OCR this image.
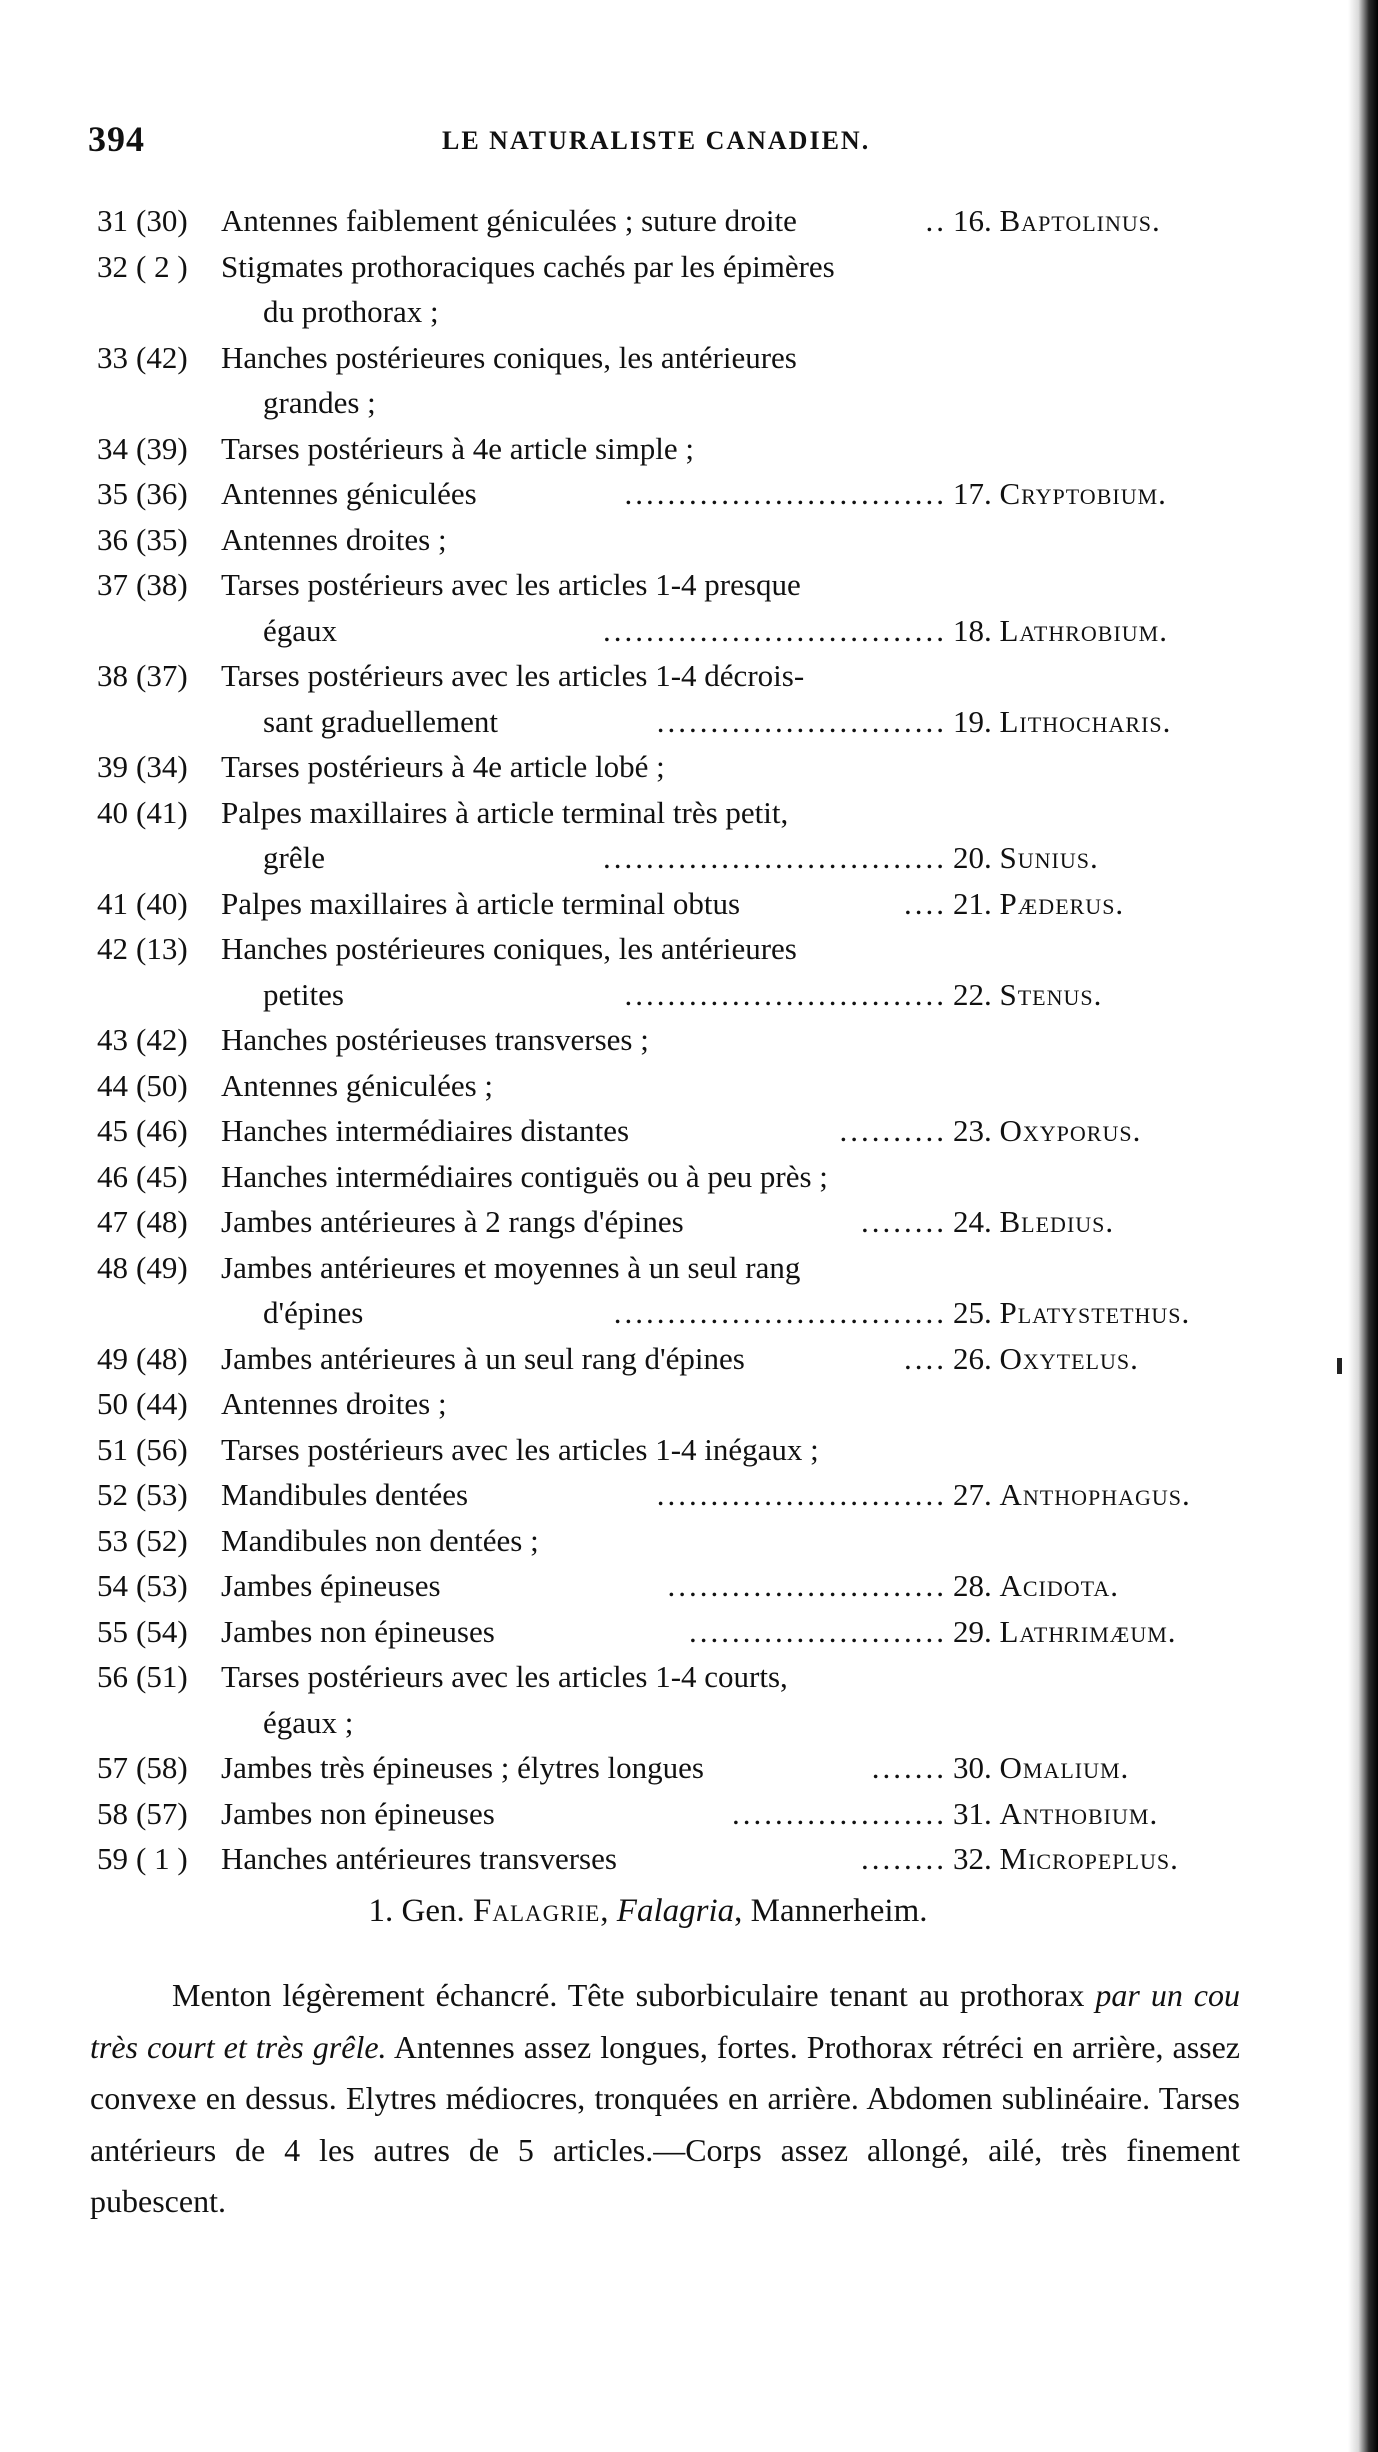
394	LE NATURALISTE CANADIEN.
31 (30)	Antennes faiblement géniculées ; suture droite	.. 16. Baptolinus.
32 ( 2 )	Stigmates prothoraciques cachés par les épimères
du prothorax ;
33 (42)	Hanches postérieures coniques, les antérieures
grandes ;
34 (39)	Tarses postérieurs à 4e article simple ;
35 (36)	Antennes géniculées	.............................. 17. Cryptobium.
36 (35)	Antennes droites ;
37 (38)	Tarses postérieurs avec les articles 1-4 presque
égaux	................................ 18. Lathrobium.
38 (37)	Tarses postérieurs avec les articles 1-4 décrois-
sant graduellement	........................... 19. Lithocharis.
39 (34)	Tarses postérieurs à 4e article lobé ;
40 (41)	Palpes maxillaires à article terminal très petit,
grêle	................................ 20. Sunius.
41 (40)	Palpes maxillaires à article terminal obtus	.... 21. Pæderus.
42 (13)	Hanches postérieures coniques, les antérieures
petites	.............................. 22. Stenus.
43 (42)	Hanches postérieuses transverses ;
44 (50)	Antennes géniculées ;
45 (46)	Hanches intermédiaires distantes	.......... 23. Oxyporus.
46 (45)	Hanches intermédiaires contiguës ou à peu près ;
47 (48)	Jambes antérieures à 2 rangs d'épines	........ 24. Bledius.
48 (49)	Jambes antérieures et moyennes à un seul rang
d'épines	............................... 25. Platystethus.
49 (48)	Jambes antérieures à un seul rang d'épines	.... 26. Oxytelus.
50 (44)	Antennes droites ;
51 (56)	Tarses postérieurs avec les articles 1-4 inégaux ;
52 (53)	Mandibules dentées	........................... 27. Anthophagus.
53 (52)	Mandibules non dentées ;
54 (53)	Jambes épineuses	.......................... 28. Acidota.
55 (54)	Jambes non épineuses	........................ 29. Lathrimæum.
56 (51)	Tarses postérieurs avec les articles 1-4 courts,
égaux ;
57 (58)	Jambes très épineuses ; élytres longues	....... 30. Omalium.
58 (57)	Jambes non épineuses	.................... 31. Anthobium.
59 ( 1 )	Hanches antérieures transverses	........ 32. Micropeplus.
1. Gen. Falagrie, Falagria, Mannerheim.
Menton légèrement échancré. Tête suborbiculaire tenant au prothorax par un cou très court et très grêle. Antennes assez longues, fortes. Prothorax rétréci en arrière, assez convexe en dessus. Elytres médiocres, tronquées en arrière. Abdomen sublinéaire. Tarses antérieurs de 4 les autres de 5 articles.—Corps assez allongé, ailé, très finement pubescent.
